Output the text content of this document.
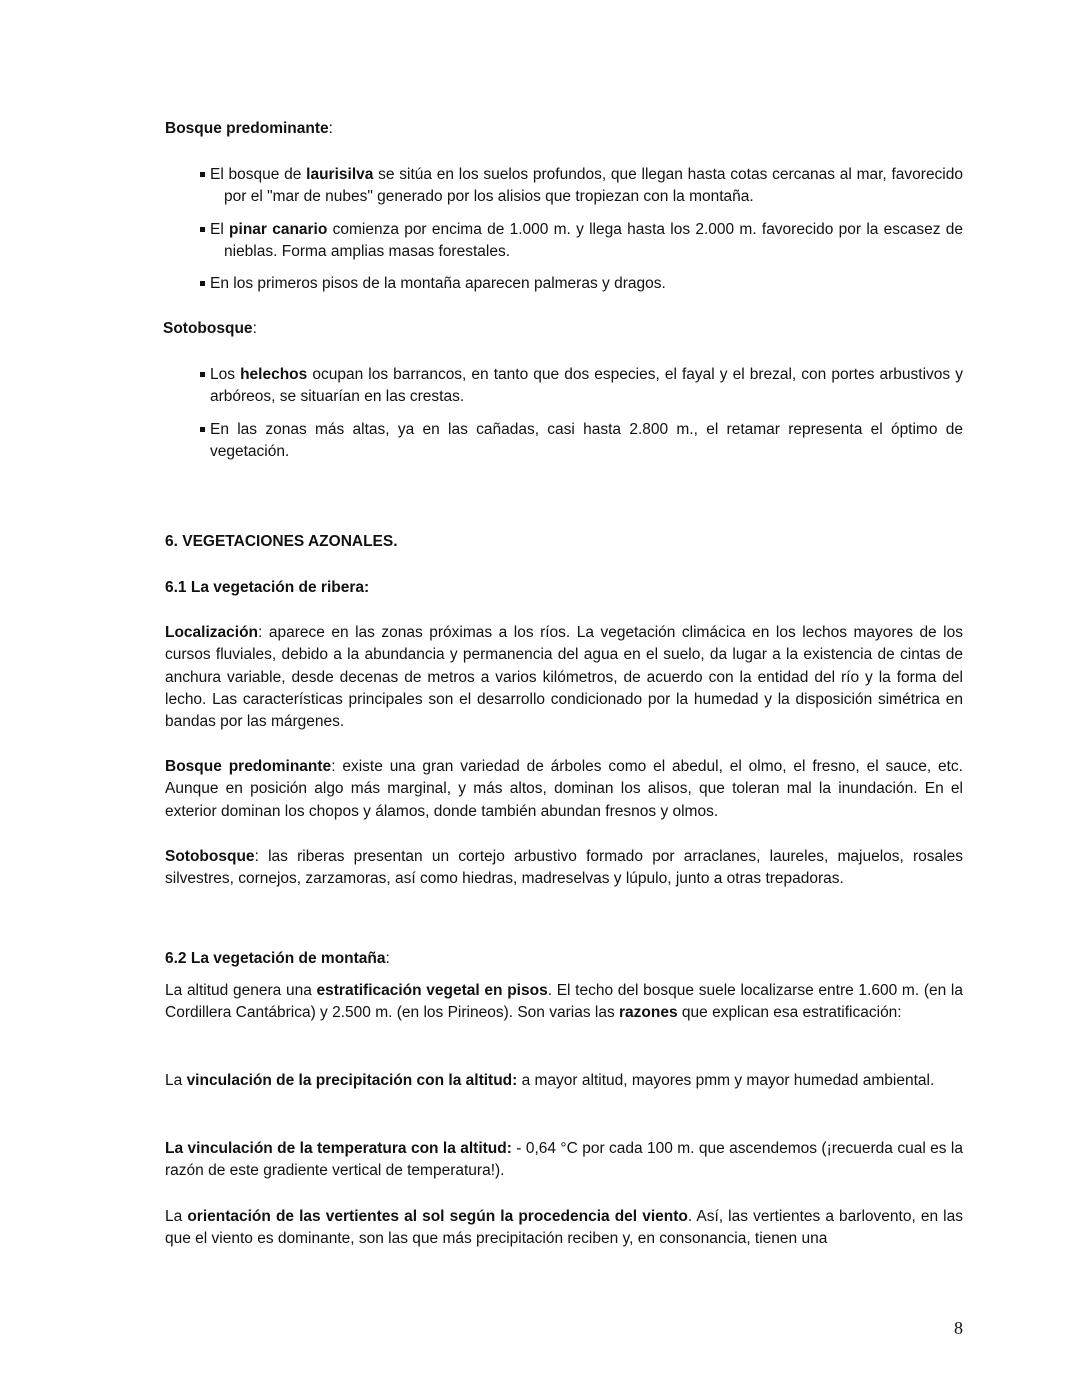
Bosque predominante:
El bosque de laurisilva se sitúa en los suelos profundos, que llegan hasta cotas cercanas al mar, favorecido por el "mar de nubes" generado por los alisios que tropiezan con la montaña.
El pinar canario comienza por encima de 1.000 m. y llega hasta los 2.000 m. favorecido por la escasez de nieblas. Forma amplias masas forestales.
En los primeros pisos de la montaña aparecen palmeras y dragos.
Sotobosque:
Los helechos ocupan los barrancos, en tanto que dos especies, el fayal y el brezal, con portes arbustivos y arbóreos, se situarían en las crestas.
En las zonas más altas, ya en las cañadas, casi hasta 2.800 m., el retamar representa el óptimo de vegetación.
6. VEGETACIONES AZONALES.
6.1 La vegetación de ribera:
Localización: aparece en las zonas próximas a los ríos. La vegetación climácica en los lechos mayores de los cursos fluviales, debido a la abundancia y permanencia del agua en el suelo, da lugar a la existencia de cintas de anchura variable, desde decenas de metros a varios kilómetros, de acuerdo con la entidad del río y la forma del lecho. Las características principales son el desarrollo condicionado por la humedad y la disposición simétrica en bandas por las márgenes.
Bosque predominante: existe una gran variedad de árboles como el abedul, el olmo, el fresno, el sauce, etc. Aunque en posición algo más marginal, y más altos, dominan los alisos, que toleran mal la inundación. En el exterior dominan los chopos y álamos, donde también abundan fresnos y olmos.
Sotobosque: las riberas presentan un cortejo arbustivo formado por arraclanes, laureles, majuelos, rosales silvestres, cornejos, zarzamoras, así como hiedras, madreselvas y lúpulo, junto a otras trepadoras.
6.2 La vegetación de montaña:
La altitud genera una estratificación vegetal en pisos. El techo del bosque suele localizarse entre 1.600 m. (en la Cordillera Cantábrica) y 2.500 m. (en los Pirineos). Son varias las razones que explican esa estratificación:
La vinculación de la precipitación con la altitud: a mayor altitud, mayores pmm y mayor humedad ambiental.
La vinculación de la temperatura con la altitud: - 0,64 °C por cada 100 m. que ascendemos (¡recuerda cual es la razón de este gradiente vertical de temperatura!).
La orientación de las vertientes al sol según la procedencia del viento. Así, las vertientes a barlovento, en las que el viento es dominante, son las que más precipitación reciben y, en consonancia, tienen una
8
